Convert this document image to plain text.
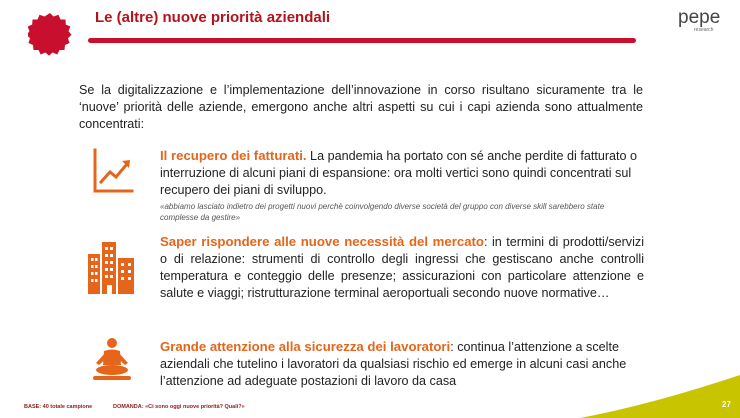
Le (altre) nuove priorità aziendali	pepe
research
Se la digitalizzazione e l’implementazione dell’innovazione in corso risultano sicuramente tra le ‘nuove’ priorità delle aziende, emergono anche altri aspetti su cui i capi azienda sono attualmente concentrati:
Il recupero dei fatturati. La pandemia ha portato con sé anche perdite di fatturato o interruzione di alcuni piani di espansione: ora molti vertici sono quindi concentrati sul recupero dei piani di sviluppo.
«abbiamo lasciato indietro dei progetti nuovi perchè coinvolgendo diverse società del gruppo con diverse skill sarebbero state complesse da gestire»
Saper rispondere alle nuove necessità del mercato: in termini di prodotti/servizi o di relazione: strumenti di controllo degli ingressi che gestiscano anche controlli temperatura e conteggio delle presenze; assicurazioni con particolare attenzione e salute e viaggi; ristrutturazione terminal aeroportuali secondo nuove normative…
Grande attenzione alla sicurezza dei lavoratori: continua l’attenzione a scelte aziendali che tutelino i lavoratori da qualsiasi rischio ed emerge in alcuni casi anche l’attenzione ad adeguate postazioni di lavoro da casa
BASE: 40 totale campione	DOMANDA: «Ci sono oggi nuove priorità? Quali?»	27
